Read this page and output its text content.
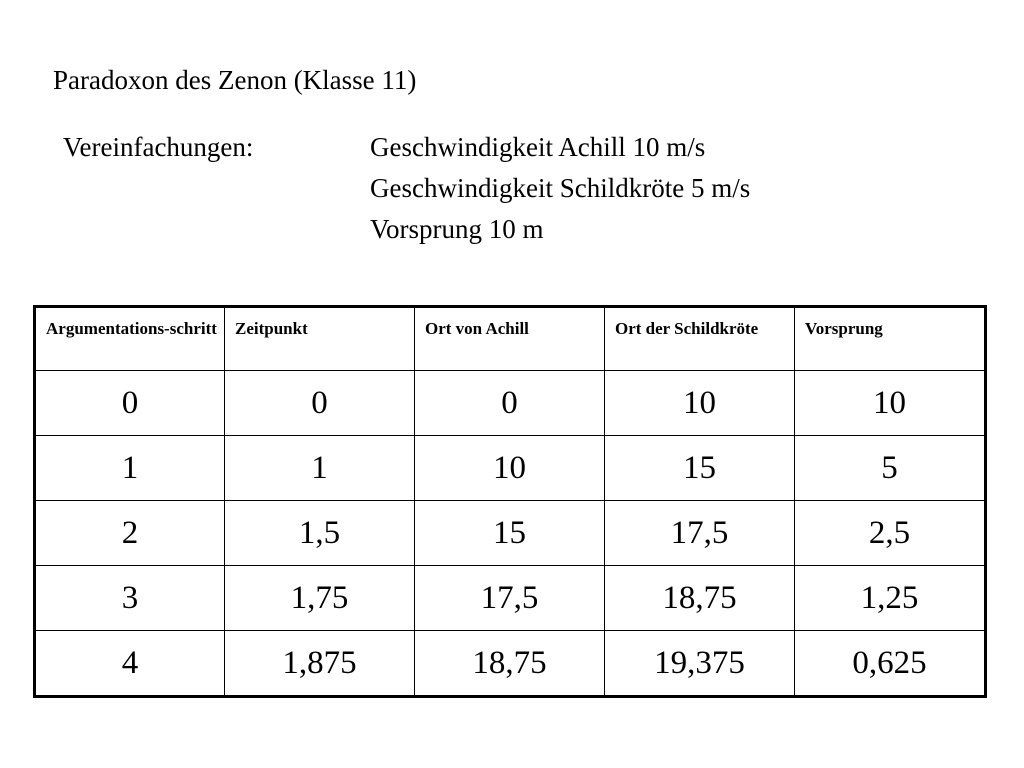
Paradoxon des Zenon (Klasse 11)
Vereinfachungen:	Geschwindigkeit Achill 10 m/s
Geschwindigkeit Schildkröte 5 m/s
Vorsprung 10 m
Argumentations-schritt	Zeitpunkt	Ort von Achill	Ort der Schildkröte	Vorsprung
0	0	0	10	10
1	1	10	15	5
2	1,5	15	17,5	2,5
3	1,75	17,5	18,75	1,25
4	1,875	18,75	19,375	0,625
